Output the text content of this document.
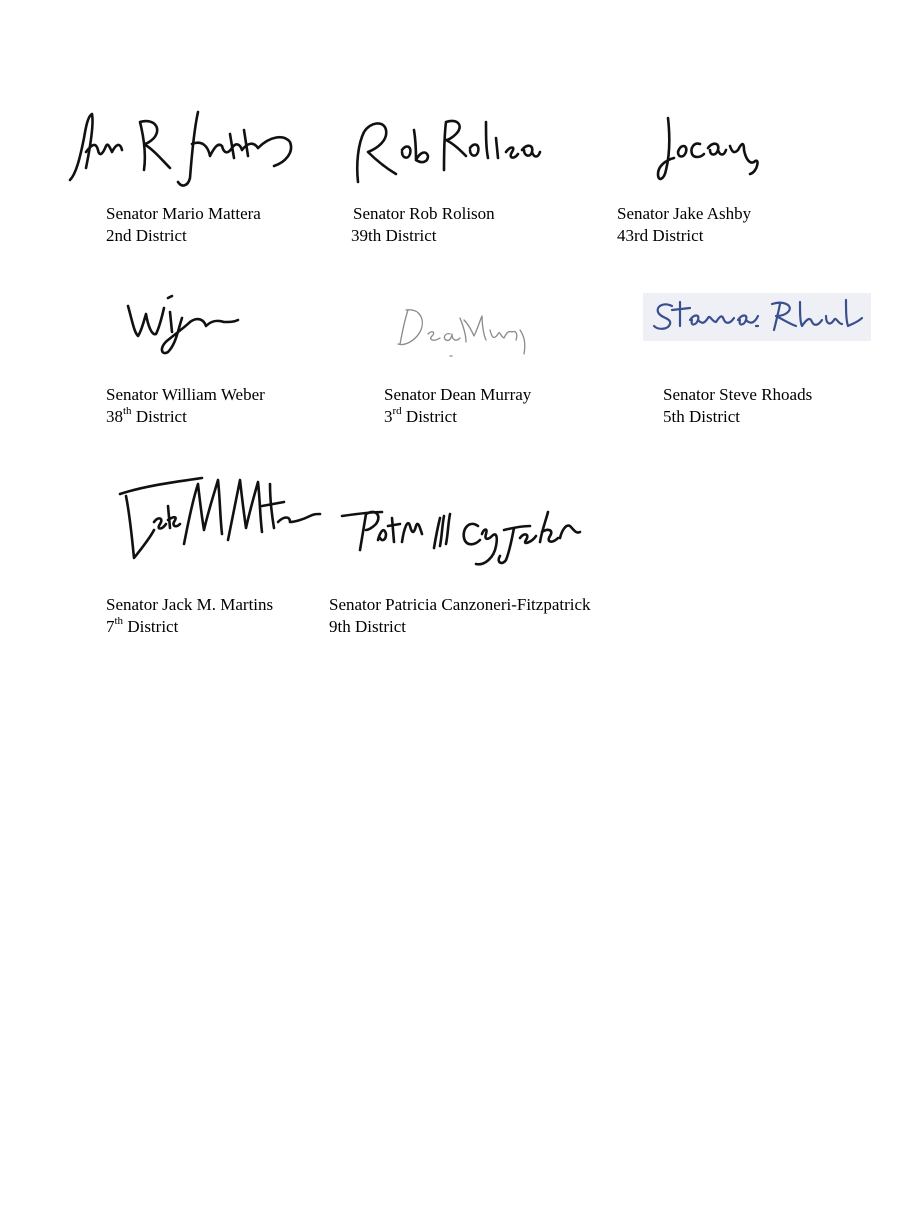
Senator Mario Mattera
2nd District
Senator Rob Rolison
39th District
Senator Jake Ashby
43rd District
Senator William Weber
38th District
Senator Dean Murray
3rd District
Senator Steve Rhoads
5th District
Senator Jack M. Martins
7th District
Senator Patricia Canzoneri-Fitzpatrick
9th District
